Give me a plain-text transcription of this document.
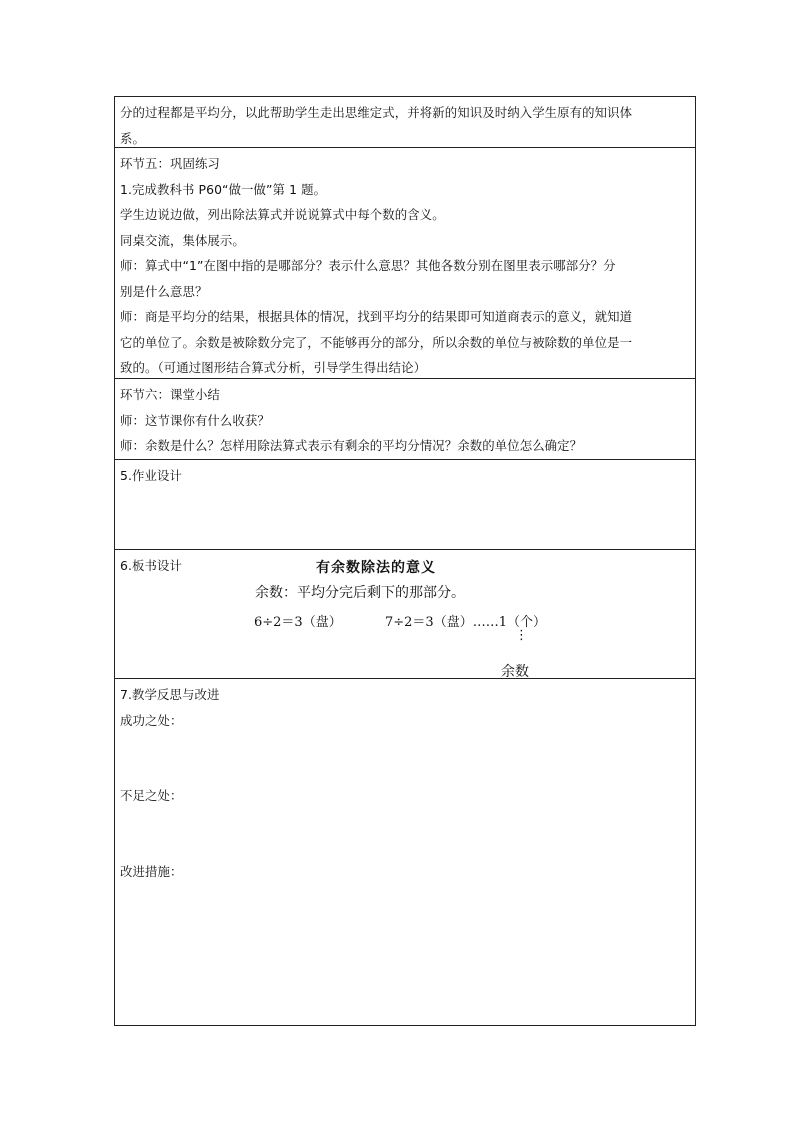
分的过程都是平均分，以此帮助学生走出思维定式，并将新的知识及时纳入学生原有的知识体
系。
环节五：巩固练习
1.完成教科书 P60“做一做”第 1 题。
学生边说边做，列出除法算式并说说算式中每个数的含义。
同桌交流，集体展示。
师：算式中“1”在图中指的是哪部分？表示什么意思？其他各数分别在图里表示哪部分？分
别是什么意思？
师：商是平均分的结果，根据具体的情况，找到平均分的结果即可知道商表示的意义，就知道
它的单位了。余数是被除数分完了，不能够再分的部分，所以余数的单位与被除数的单位是一
致的。（可通过图形结合算式分析，引导学生得出结论）
环节六：课堂小结
师：这节课你有什么收获？
师：余数是什么？怎样用除法算式表示有剩余的平均分情况？余数的单位怎么确定？
5.作业设计
6.板书设计	有余数除法的意义
余数：平均分完后剩下的那部分。
6÷2＝3（盘）	7÷2＝3（盘）……1（个）
⋮
余数
7.教学反思与改进
成功之处：
不足之处：
改进措施：
